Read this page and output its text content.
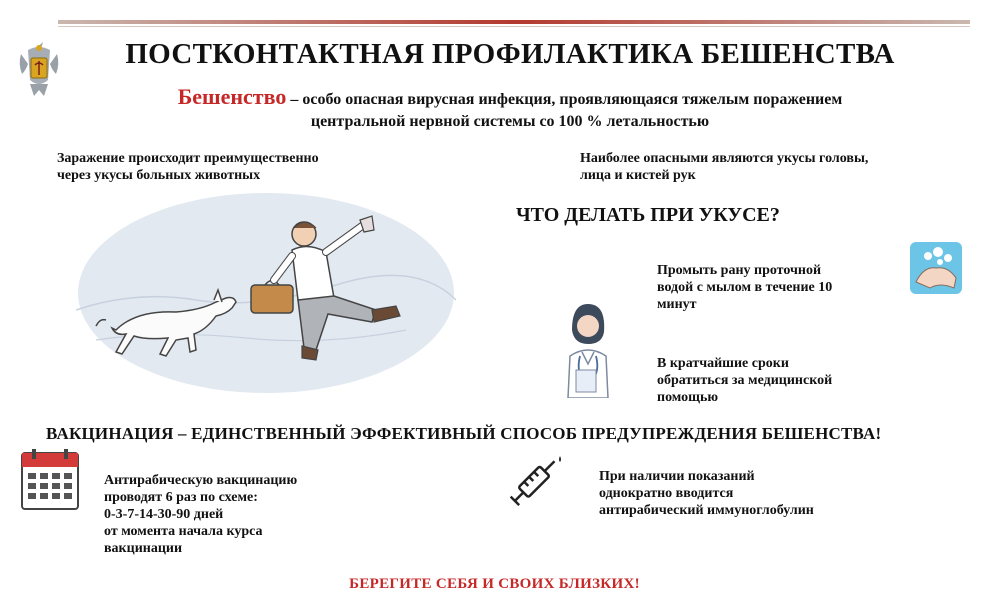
ПОСТКОНТАКТНАЯ ПРОФИЛАКТИКА БЕШЕНСТВА
Бешенство – особо опасная вирусная инфекция, проявляющаяся тяжелым поражением
центральной нервной системы со 100 % летальностью
Заражение происходит преимущественно
через укусы больных животных
Наиболее опасными являются укусы головы,
лица и кистей рук
ЧТО ДЕЛАТЬ ПРИ УКУСЕ?
Промыть рану проточной
водой с мылом в течение 10
минут
В кратчайшие сроки
обратиться за медицинской
помощью
ВАКЦИНАЦИЯ – ЕДИНСТВЕННЫЙ ЭФФЕКТИВНЫЙ СПОСОБ ПРЕДУПРЕЖДЕНИЯ БЕШЕНСТВА!
Антирабическую вакцинацию
проводят 6 раз по схеме:
0-3-7-14-30-90 дней
от момента начала курса
вакцинации
При наличии показаний
однократно вводится
антирабический иммуноглобулин
БЕРЕГИТЕ СЕБЯ И СВОИХ БЛИЗКИХ!
